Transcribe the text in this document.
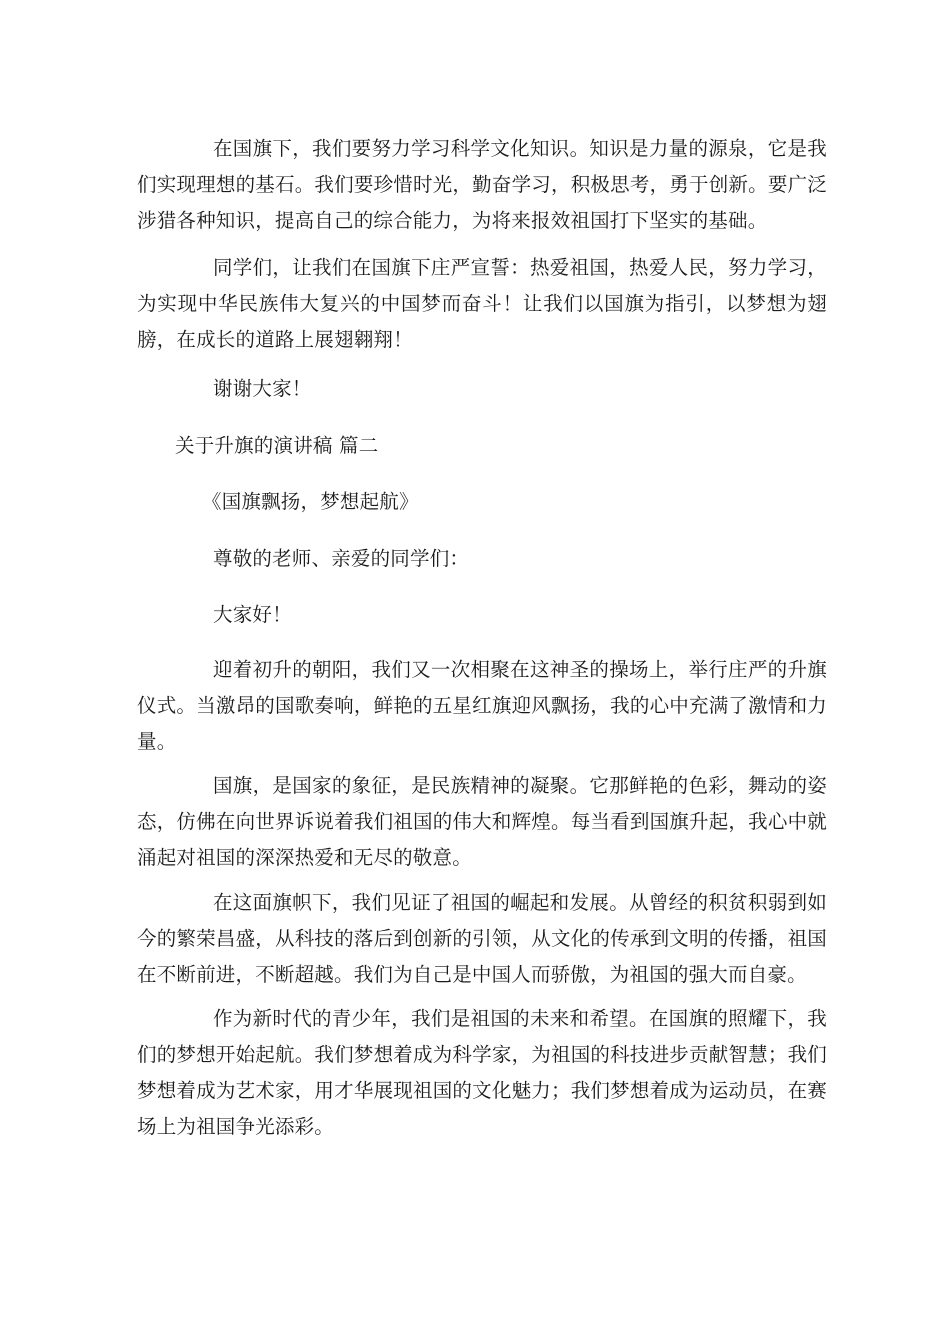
在国旗下，我们要努力学习科学文化知识。知识是力量的源泉，它是我们实现理想的基石。我们要珍惜时光，勤奋学习，积极思考，勇于创新。要广泛涉猎各种知识，提高自己的综合能力，为将来报效祖国打下坚实的基础。

同学们，让我们在国旗下庄严宣誓：热爱祖国，热爱人民，努力学习，为实现中华民族伟大复兴的中国梦而奋斗！让我们以国旗为指引，以梦想为翅膀，在成长的道路上展翅翱翔！

谢谢大家！

关于升旗的演讲稿 篇二

《国旗飘扬，梦想起航》

尊敬的老师、亲爱的同学们：

大家好！

迎着初升的朝阳，我们又一次相聚在这神圣的操场上，举行庄严的升旗仪式。当激昂的国歌奏响，鲜艳的五星红旗迎风飘扬，我的心中充满了激情和力量。

国旗，是国家的象征，是民族精神的凝聚。它那鲜艳的色彩，舞动的姿态，仿佛在向世界诉说着我们祖国的伟大和辉煌。每当看到国旗升起，我心中就涌起对祖国的深深热爱和无尽的敬意。

在这面旗帜下，我们见证了祖国的崛起和发展。从曾经的积贫积弱到如今的繁荣昌盛，从科技的落后到创新的引领，从文化的传承到文明的传播，祖国在不断前进，不断超越。我们为自己是中国人而骄傲，为祖国的强大而自豪。

作为新时代的青少年，我们是祖国的未来和希望。在国旗的照耀下，我们的梦想开始起航。我们梦想着成为科学家，为祖国的科技进步贡献智慧；我们梦想着成为艺术家，用才华展现祖国的文化魅力；我们梦想着成为运动员，在赛场上为祖国争光添彩。
